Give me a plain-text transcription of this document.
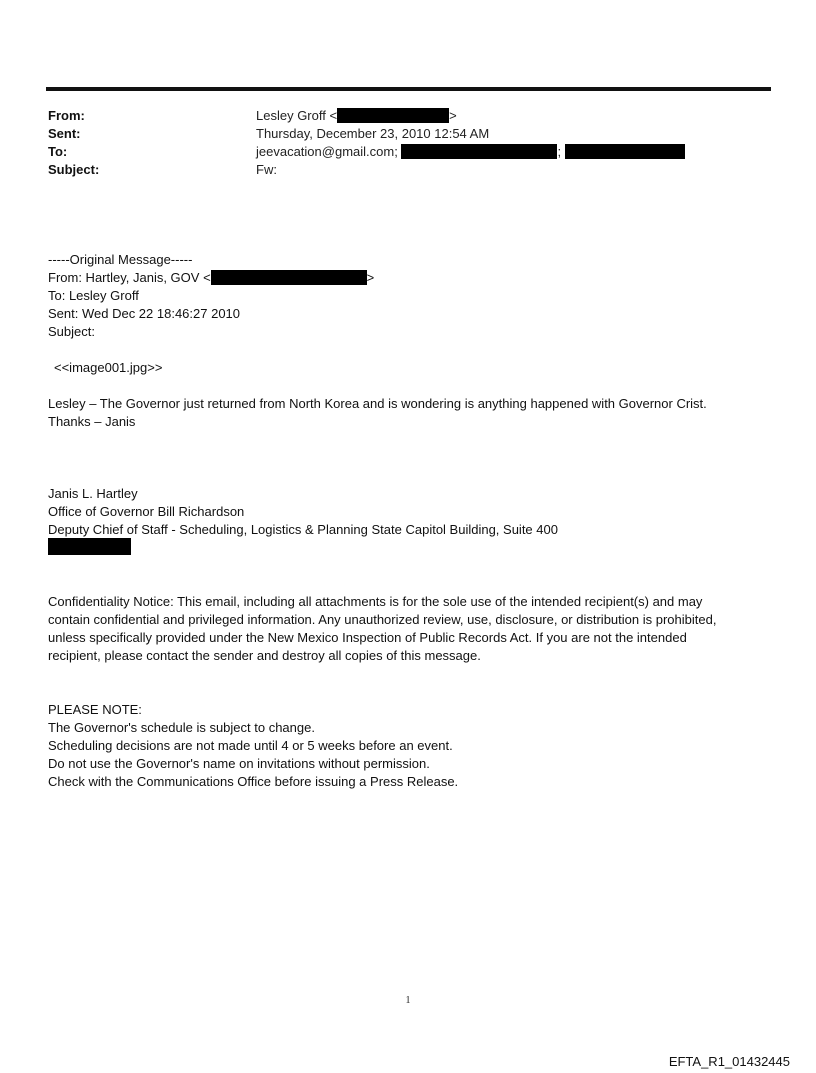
From:	Lesley Groff <	>
Sent:	Thursday, December 23, 2010 12:54 AM
To:	jeevacation@gmail.com;	;
Subject:	Fw:
-----Original Message-----
From: Hartley, Janis, GOV <	>
To: Lesley Groff
Sent: Wed Dec 22 18:46:27 2010
Subject:
<<image001.jpg>>
Lesley – The Governor just returned from North Korea and is wondering is anything happened with Governor Crist.
Thanks – Janis
Janis L. Hartley
Office of Governor Bill Richardson
Deputy Chief of Staff - Scheduling, Logistics & Planning State Capitol Building, Suite 400
Confidentiality Notice: This email, including all attachments is for the sole use of the intended recipient(s) and may
contain confidential and privileged information. Any unauthorized review, use, disclosure, or distribution is prohibited,
unless specifically provided under the New Mexico Inspection of Public Records Act. If you are not the intended
recipient, please contact the sender and destroy all copies of this message.
PLEASE NOTE:
The Governor's schedule is subject to change.
Scheduling decisions are not made until 4 or 5 weeks before an event.
Do not use the Governor's name on invitations without permission.
Check with the Communications Office before issuing a Press Release.
1
EFTA_R1_01432445
